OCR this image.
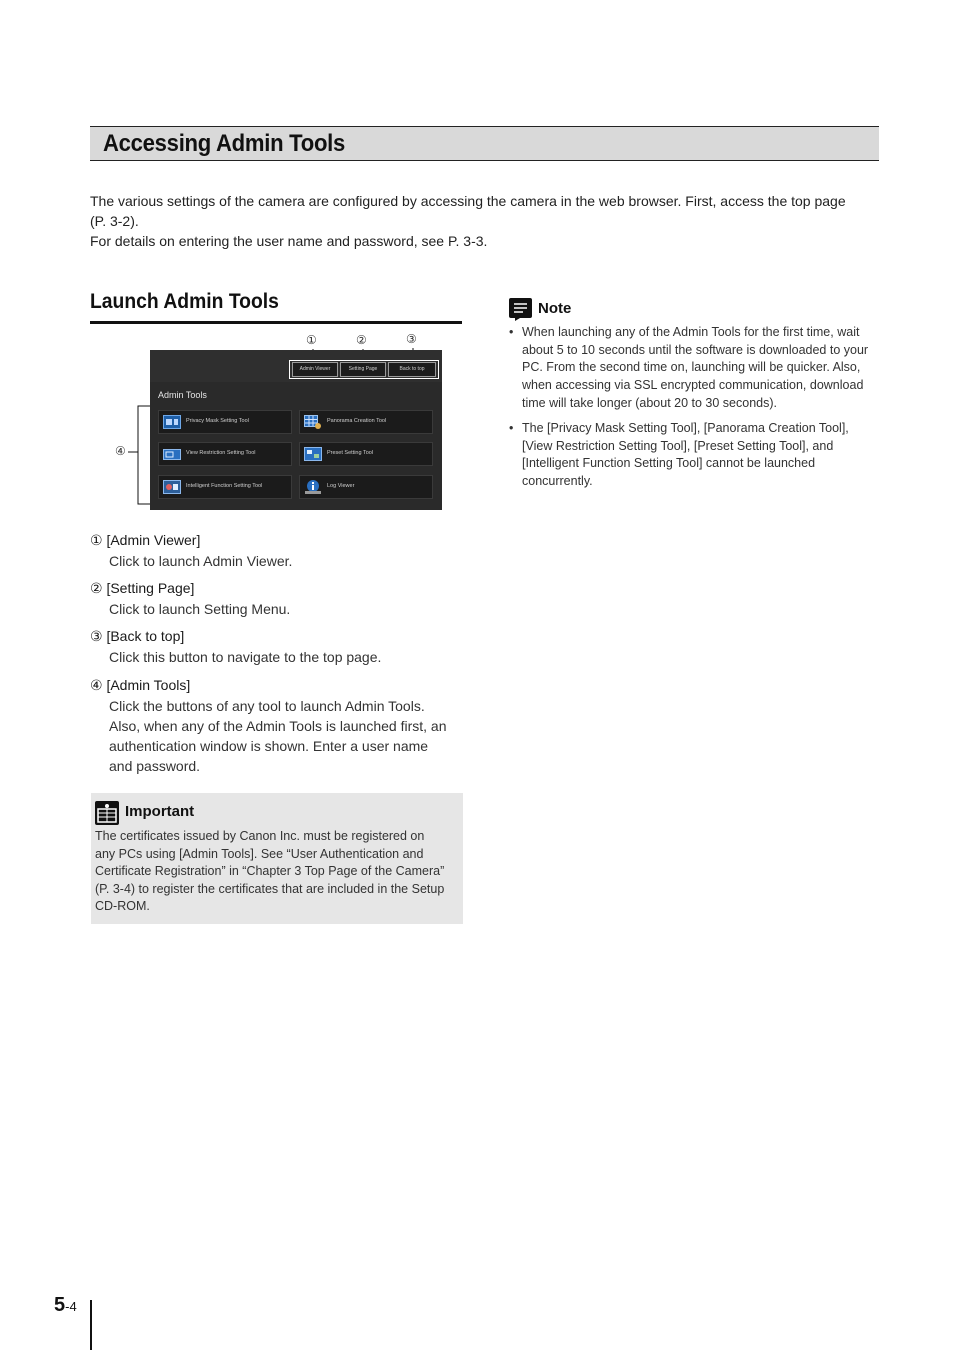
Accessing Admin Tools
The various settings of the camera are configured by accessing the camera in the web browser. First, access the top page
(P. 3-2).
For details on entering the user name and password, see P. 3-3.
Launch Admin Tools
①	②	③
④
Admin Viewer	Setting Page	Back to top
Admin Tools
Privacy Mask Setting Tool	Panorama Creation Tool
View Restriction Setting Tool	Preset Setting Tool
Intelligent Function Setting Tool	Log Viewer
① [Admin Viewer]
Click to launch Admin Viewer.
② [Setting Page]
Click to launch Setting Menu.
③ [Back to top]
Click this button to navigate to the top page.
④ [Admin Tools]
Click the buttons of any tool to launch Admin Tools.
Also, when any of the Admin Tools is launched first, an
authentication window is shown. Enter a user name
and password.
Important
The certificates issued by Canon Inc. must be registered on
any PCs using [Admin Tools]. See “User Authentication and
Certificate Registration” in “Chapter 3 Top Page of the Camera”
(P. 3-4) to register the certificates that are included in the Setup
CD-ROM.
Note
• When launching any of the Admin Tools for the first time, wait
about 5 to 10 seconds until the software is downloaded to your
PC. From the second time on, launching will be quicker. Also,
when accessing via SSL encrypted communication, download
time will take longer (about 20 to 30 seconds).
• The [Privacy Mask Setting Tool], [Panorama Creation Tool],
[View Restriction Setting Tool], [Preset Setting Tool], and
[Intelligent Function Setting Tool] cannot be launched
concurrently.
5-4
